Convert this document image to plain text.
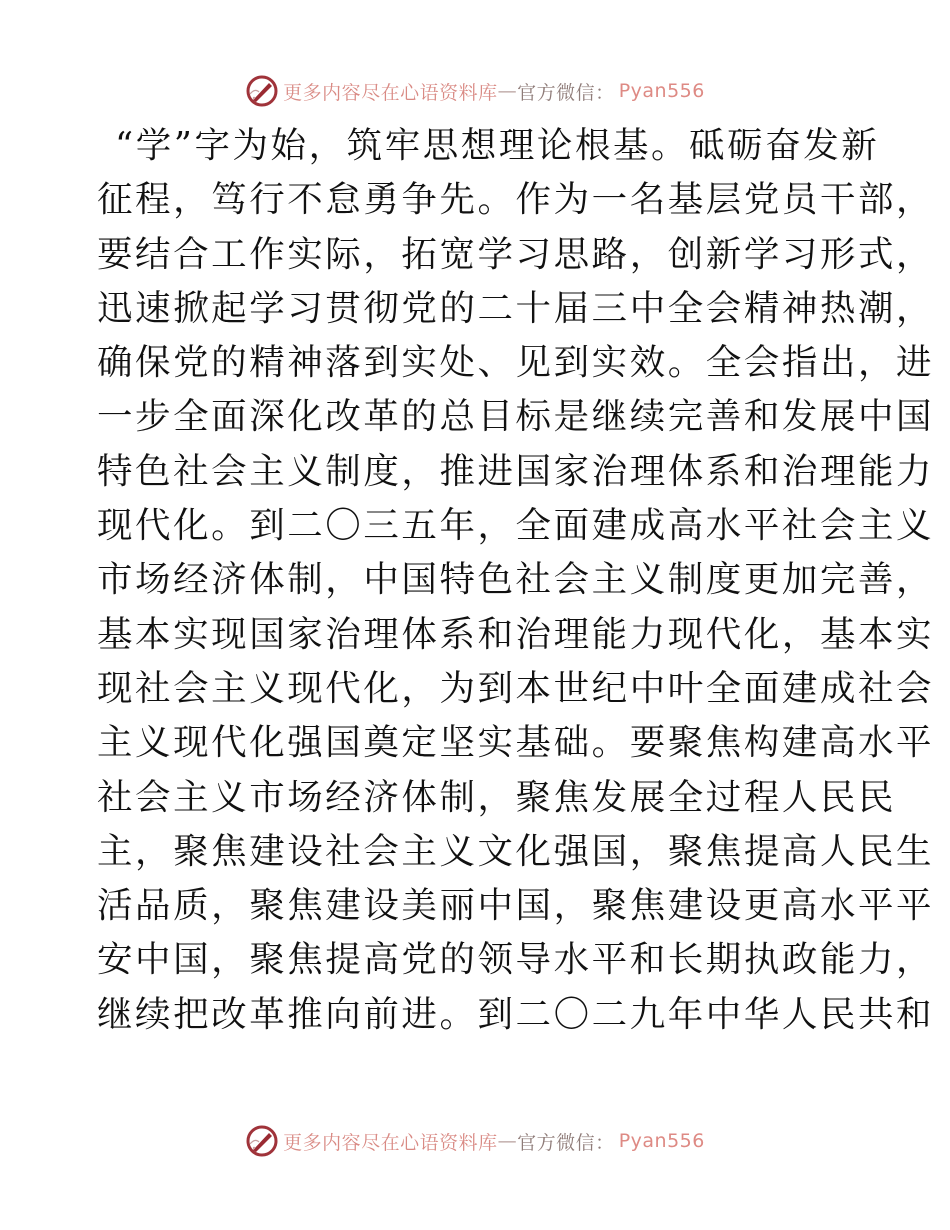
更多内容尽在心语资料库 — 官方微信： Pyan556
“学”字为始，筑牢思想理论根基。砥砺奋发新
征程，笃行不怠勇争先。作为一名基层党员干部，
要结合工作实际，拓宽学习思路，创新学习形式，
迅速掀起学习贯彻党的二十届三中全会精神热潮，
确保党的精神落到实处、见到实效。全会指出，进
一步全面深化改革的总目标是继续完善和发展中国
特色社会主义制度，推进国家治理体系和治理能力
现代化。到二〇三五年，全面建成高水平社会主义
市场经济体制，中国特色社会主义制度更加完善，
基本实现国家治理体系和治理能力现代化，基本实
现社会主义现代化，为到本世纪中叶全面建成社会
主义现代化强国奠定坚实基础。要聚焦构建高水平
社会主义市场经济体制，聚焦发展全过程人民民
主，聚焦建设社会主义文化强国，聚焦提高人民生
活品质，聚焦建设美丽中国，聚焦建设更高水平平
安中国，聚焦提高党的领导水平和长期执政能力，
继续把改革推向前进。到二〇二九年中华人民共和
更多内容尽在心语资料库 — 官方微信： Pyan556
